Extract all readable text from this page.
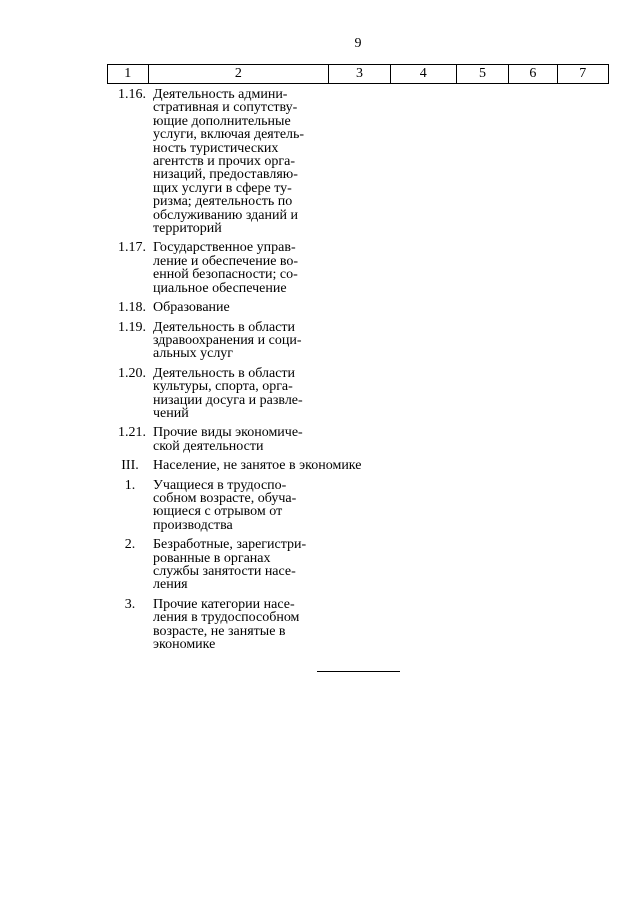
9
1	2	3	4	5	6	7
1.16. Деятельность админи-
стративная и сопутству-
ющие дополнительные
услуги, включая деятель-
ность туристических
агентств и прочих орга-
низаций, предоставляю-
щих услуги в сфере ту-
ризма; деятельность по
обслуживанию зданий и
территорий
1.17. Государственное управ-
ление и обеспечение во-
енной безопасности; со-
циальное обеспечение
1.18. Образование
1.19. Деятельность в области
здравоохранения и соци-
альных услуг
1.20. Деятельность в области
культуры, спорта, орга-
низации досуга и развле-
чений
1.21. Прочие виды экономиче-
ской деятельности
III.	Население, не занятое в экономике
1.	Учащиеся в трудоспо-
собном возрасте, обуча-
ющиеся с отрывом от
производства
2.	Безработные, зарегистри-
рованные в органах
службы занятости насе-
ления
3.	Прочие категории насе-
ления в трудоспособном
возрасте, не занятые в
экономике
